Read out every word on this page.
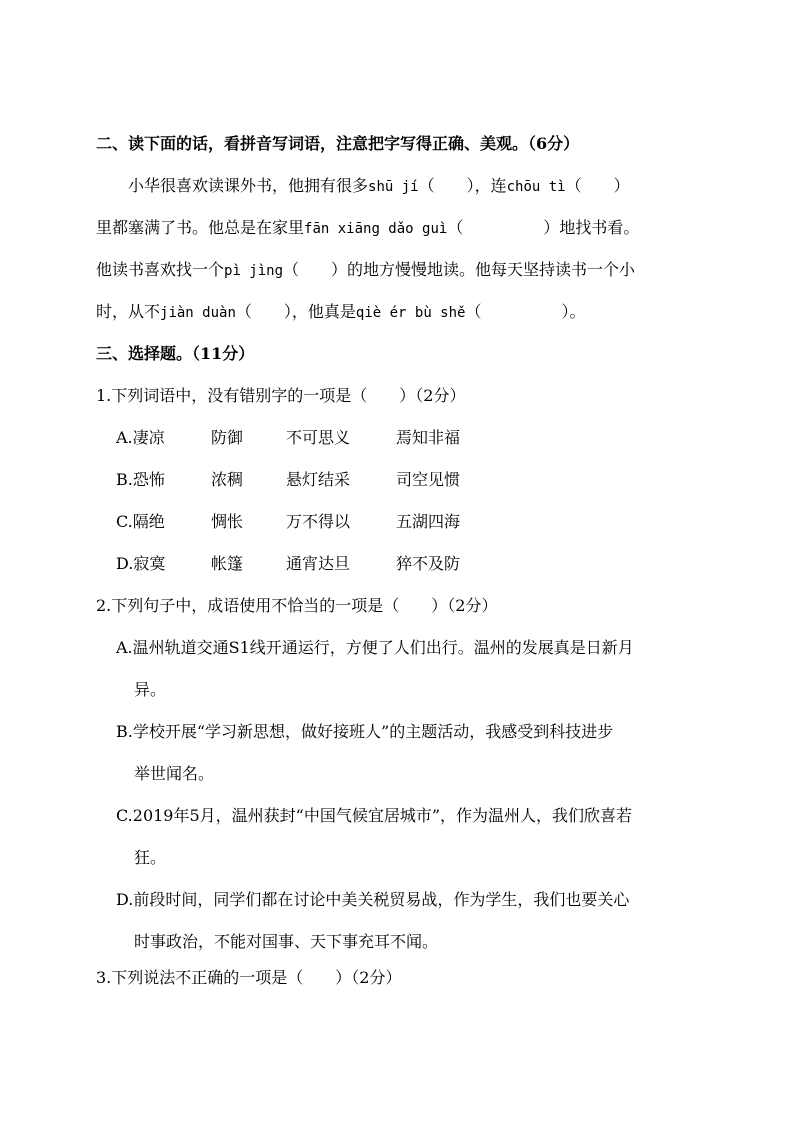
二、读下面的话，看拼音写词语，注意把字写得正确、美观。（6分）
小华很喜欢读课外书，他拥有很多shū jí（　　），连chōu tì（　　）
里都塞满了书。他总是在家里fān xiāng dǎo guì（　　　　　）地找书看。
他读书喜欢找一个pì jìng（　　）的地方慢慢地读。他每天坚持读书一个小
时，从不jiàn duàn（　　），他真是qiè ér bù shě（　　　　　）。
三、选择题。（11分）
1.下列词语中，没有错别字的一项是（　　）（2分）
A.凄凉	防御	不可思义	焉知非福
B.恐怖	浓稠	悬灯结采	司空见惯
C.隔绝	惆怅	万不得以	五湖四海
D.寂寞	帐篷	通宵达旦	猝不及防
2.下列句子中，成语使用不恰当的一项是（　　）（2分）
A.温州轨道交通S1线开通运行，方便了人们出行。温州的发展真是日新月
异。
B.学校开展“学习新思想，做好接班人”的主题活动，我感受到科技进步
举世闻名。
C.2019年5月，温州获封“中国气候宜居城市”，作为温州人，我们欣喜若
狂。
D.前段时间，同学们都在讨论中美关税贸易战，作为学生，我们也要关心
时事政治，不能对国事、天下事充耳不闻。
3.下列说法不正确的一项是（　　）（2分）
